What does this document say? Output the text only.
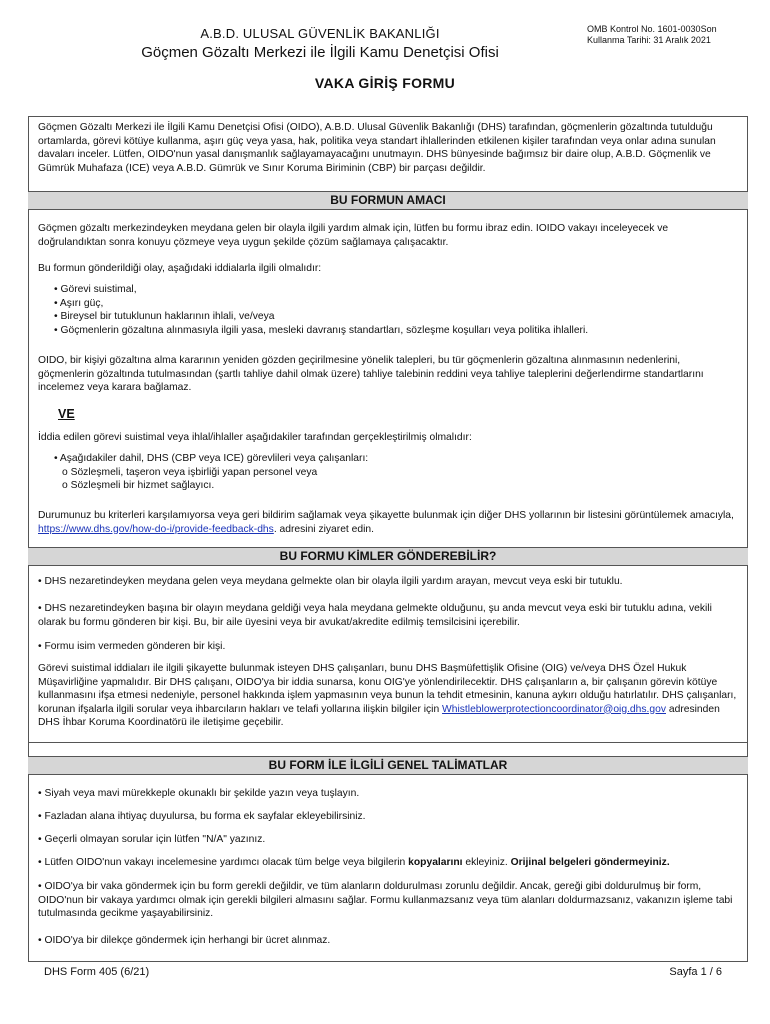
A.B.D. ULUSAL GÜVENLİK BAKANLIĞI
Göçmen Gözaltı Merkezi ile İlgili Kamu Denetçisi Ofisi
OMB Kontrol No. 1601-0030Son
Kullanma Tarihi: 31 Aralık 2021
VAKA GİRİŞ FORMU
Göçmen Gözaltı Merkezi ile İlgili Kamu Denetçisi Ofisi (OIDO), A.B.D. Ulusal Güvenlik Bakanlığı (DHS) tarafından, göçmenlerin gözaltında tutulduğu ortamlarda, görevi kötüye kullanma, aşırı güç veya yasa, hak, politika veya standart ihlallerinden etkilenen kişiler tarafından veya onlar adına sunulan davaları inceler. Lütfen, OIDO'nun yasal danışmanlık sağlayamayacağını unutmayın. DHS bünyesinde bağımsız bir daire olup, A.B.D. Göçmenlik ve Gümrük Muhafaza (ICE) veya A.B.D. Gümrük ve Sınır Koruma Biriminin (CBP) bir parçası değildir.
BU FORMUN AMACI
Göçmen gözaltı merkezindeyken meydana gelen bir olayla ilgili yardım almak için, lütfen bu formu ibraz edin. IOIDO vakayı inceleyecek ve doğrulandıktan sonra konuyu çözmeye veya uygun şekilde çözüm sağlamaya çalışacaktır.
Bu formun gönderildiği olay, aşağıdaki iddialarla ilgili olmalıdır:
• Görevi suistimal,
• Aşırı güç,
• Bireysel bir tutuklunun haklarının ihlali, ve/veya
• Göçmenlerin gözaltına alınmasıyla ilgili yasa, mesleki davranış standartları, sözleşme koşulları veya politika ihlalleri.
OIDO, bir kişiyi gözaltına alma kararının yeniden gözden geçirilmesine yönelik talepleri, bu tür göçmenlerin gözaltına alınmasının nedenlerini, göçmenlerin gözaltında tutulmasından (şartlı tahliye dahil olmak üzere) tahliye talebinin reddini veya tahliye taleplerini değerlendirme standartlarını incelemez veya karara bağlamaz.
VE
İddia edilen görevi suistimal veya ihlal/ihlaller aşağıdakiler tarafından gerçekleştirilmiş olmalıdır:
• Aşağıdakiler dahil, DHS (CBP veya ICE) görevlileri veya çalışanları:
o Sözleşmeli, taşeron veya işbirliği yapan personel veya
o Sözleşmeli bir hizmet sağlayıcı.
Durumunuz bu kriterleri karşılamıyorsa veya geri bildirim sağlamak veya şikayette bulunmak için diğer DHS yollarının bir listesini görüntülemek amacıyla, https://www.dhs.gov/how-do-i/provide-feedback-dhs. adresini ziyaret edin.
BU FORMU KİMLER GÖNDEREBİLİR?
• DHS nezaretindeyken meydana gelen veya meydana gelmekte olan bir olayla ilgili yardım arayan, mevcut veya eski bir tutuklu.
• DHS nezaretindeyken başına bir olayın meydana geldiği veya hala meydana gelmekte olduğunu, şu anda mevcut veya eski bir tutuklu adına, vekili olarak bu formu gönderen bir kişi. Bu, bir aile üyesini veya bir avukat/akredite edilmiş temsilcisini içerebilir.
• Formu isim vermeden gönderen bir kişi.
Görevi suistimal iddiaları ile ilgili şikayette bulunmak isteyen DHS çalışanları, bunu DHS Başmüfettişlik Ofisine (OIG) ve/veya DHS Özel Hukuk Müşavirliğine yapmalıdır. Bir DHS çalışanı, OIDO'ya bir iddia sunarsa, konu OIG'ye yönlendirilecektir. DHS çalışanların a, bir çalışanın görevin kötüye kullanmasını ifşa etmesi nedeniyle, personel hakkında işlem yapmasının veya bunun la tehdit etmesinin, kanuna aykırı olduğu hatırlatılır. DHS çalışanları, korunan ifşalarla ilgili sorular veya ihbarcıların hakları ve telafi yollarına ilişkin bilgiler için Whistleblowerprotectioncoordinator@oig.dhs.gov adresinden DHS İhbar Koruma Koordinatörü ile iletişime geçebilir.
BU FORM İLE İLGİLİ GENEL TALİMATLAR
• Siyah veya mavi mürekkeple okunaklı bir şekilde yazın veya tuşlayın.
• Fazladan alana ihtiyaç duyulursa, bu forma ek sayfalar ekleyebilirsiniz.
• Geçerli olmayan sorular için lütfen "N/A" yazınız.
• Lütfen OIDO'nun vakayı incelemesine yardımcı olacak tüm belge veya bilgilerin kopyalarını ekleyiniz. Orijinal belgeleri göndermeyiniz.
• OIDO'ya bir vaka göndermek için bu form gerekli değildir, ve tüm alanların doldurulması zorunlu değildir. Ancak, gereği gibi doldurulmuş bir form, OIDO'nun bir vakaya yardımcı olmak için gerekli bilgileri almasını sağlar. Formu kullanmazsanız veya tüm alanları doldurmazsanız, vakanızın işleme tabi tutulmasında gecikme yaşayabilirsiniz.
• OIDO'ya bir dilekçe göndermek için herhangi bir ücret alınmaz.
DHS Form 405 (6/21)	Sayfa 1 / 6
